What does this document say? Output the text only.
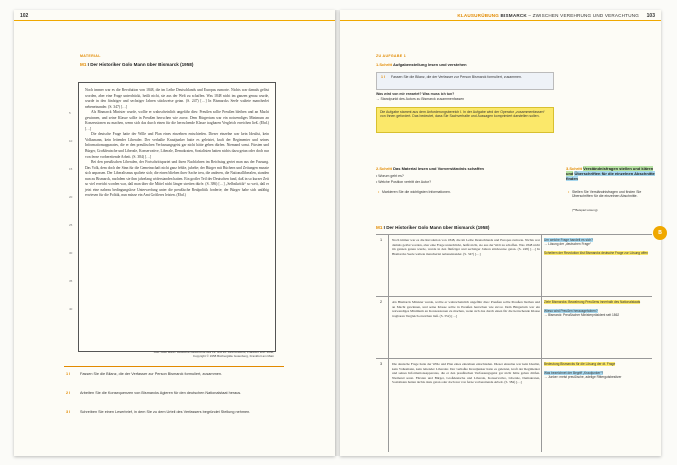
102
MATERIAL
M1 I Der Historiker Golo Mann über Bismarck (1958)

Noch immer war es die Revolution von 1848, die im Leibe Deutschlands und Europas rumorte. Nichts war damals gelöst worden, aber eine Frage unterdrückt, heißt nicht, sie aus der Welt zu schaffen. Was 1848 nicht im ganzen genau wurde, wurde in den fünfziger und sechziger Jahren stückweise getan. (S. 247) […] In Bismarcks Seele waltete mancherlei nebeneinander. (S. 347) […]

Als Bismarck Minister wurde, wollte er wahrscheinlich ungefähr dies: Preußen sollte Preußen bleiben und an Macht gewinnen, und seine Klasse sollte in Preußen herrschen wie zuvor. Dem Bürgertum war ein notwendiges Minimum an Konzessionen zu machen, wenn sich das durch einen für die herrschende Klasse tragbaren Vergleich erreichen ließ. (Ebd.) […]

Die deutsche Frage hatte der Wille und Plan eines einzelnen entschieden. Dieser einzelne war kein Idealist, kein Volksmann, kein leitender Liberaler. Der verhaßte Krautjunker hatte es geleistet, kraft der Regimenter und seines Informationsapparates, die er den preußischen Verfassungsgeist gar nicht hätte geben dürfen. Niemand sonst. Fürsten und Bürger, Großdeutsche und Liberale, Konservative, Liberale, Demokraten, Sozialisten hatten nichts dazu getan oder doch nur von ferne vorbereitende Arbeit. (S. 384) […]

Bei den preußischen Liberalen, der Fortschrittspartei und ihren Nachfahren im Reichstag geriet man aus der Fassung. Das Volk, dem doch der Sinn für die Gemeinschaft nicht ganz fehlte, jubelte; der Bürger mit Büchern und Zeitungen musste sich anpassen. Der Liberalismus spaltete sich; die einen blieben ihrer Sache treu, die anderen, die Nationalliberalen, standen nun zu Bismarck, nachdem sie ihm jahrelang widerstanden hatten. Ein großer Teil der Deutschen fand, daß in so kurzer Zeit so viel erreicht worden war, daß man über die Mittel nicht länger streiten dürfe. (S. 386) […] „Selbstkritik“ so weit, daß er jetzt eine nahezu bedingungslose Unterwerfung unter die preußische Realpolitik forderte; der Bürger habe sich unfähig erwiesen für die Politik, nun müsse ein Amt Größeres leisten. (Ebd.)

5
10
15
20
25
30
35
40
Aus: Golo Mann: Deutsche Geschichte des 19. und 20. Jahrhunderts, Frankfurt a.M. 1958,
Copyright © 1958 Büchergilde Gutenberg, Frankfurt am Main
1 I	Fassen Sie die Bilanz, die der Verfasser zur Person Bismarck formuliert, zusammen.
2 I	Arbeiten Sie die Konsequenzen von Bismarcks Agieren für den deutschen Nationalstaat heraus.
3 I	Schreiben Sie einen Leserbrief, in dem Sie zu dem Urteil des Verfassers begründet Stellung nehmen.
KLAUSURÜBUNG BISMARCK – ZWISCHEN VEREHRUNG UND VERACHTUNG 103
ZU AUFGABE 1
1.Schritt Aufgabenstellung lesen und verstehen
1 I Fassen Sie die Bilanz, die der Verfasser zur Person Bismarck formuliert, zusammen.
Was wird von mir erwartet? Was muss ich tun?
→ Standpunkt des Autors zu Bismarck zusammenfassen
Die Aufgabe stammt aus dem Anforderungsbereich I. In der Aufgabe wird der Operator „zusammenfassen“ von Ihnen gefordert. Das bedeutet, dass Sie Sachverhalte und Aussagen komprimiert darstellen sollen.
2.Schritt Das Material lesen und Vorverständnis schaffen
• Worum geht es?
• Welche Position vertritt der Autor?
• Markieren Sie die wichtigsten Informationen.
3.Schritt Verständnisfragen stellen und klären und Überschriften für die einzelnen Abschnitte finden
• Stellen Sie Verständnisfragen und finden Sie Überschriften für die einzelnen Abschnitte.
(**Beispiel Lösung)
B
M1 I Der Historiker Golo Mann über Bismarck (1958)
1	Noch immer war es die Revolution von 1848, die im Leibe Deutschlands und Europas rumorte. Nichts war damals gelöst worden, aber eine Frage unterdrückt, heißt nicht, sie aus der Welt zu schaffen. Was 1848 nicht im ganzen genau wurde, wurde in den fünfziger und sechziger Jahren stückweise getan. (S. 248) […] In Bismarcks Seele waltete mancherlei nebeneinander. (S. 347) […]
Um welche Frage handelt es sich?
→ Lösung der „deutschen Frage“
Scheitern der Revolution löst Bismarcks deutsche Frage zur Lösung offen
2	Als Bismarck Minister wurde, wollte er wahrscheinlich ungefähr dies: Preußen sollte Preußen bleiben und an Macht gewinnen, und seine Klasse sollte in Preußen herrschen wie zuvor. Dem Bürgertum war ein notwendiges Minimum an Konzessionen zu machen, wenn sich das durch einen für die herrschende Klasse tragbaren Vergleich erreichen ließ. (S. 352) […]
Ziele Bismarcks: Bewahrung Preußens innerhalb des Nationalstaats
Wieso wird Preußen herausgehoben?
→ Bismarck: Preußischer Ministerpräsident seit 1862
3	Die deutsche Frage hatte der Wille und Plan eines einzelnen entschieden. Dieser einzelne war kein Idealist, kein Volksmann, kein leitender Liberaler. Der verhaßte Krautjunker hatte es geleistet, kraft der Regimenter und seines Informationsapparates, die er den preußischen Verfassungsgeist gar nicht hätte geben dürfen. Niemand sonst. Fürsten und Bürger, Großdeutsche und Liberale, Konservative, Liberale, Demokraten, Sozialisten hatten nichts dazu getan oder doch nur von ferne vorbereitende Arbeit. (S. 384) […]
Bedeutung Bismarcks für die Lösung der dt. Frage
Was bezeichnet der Begriff „Krautjunker“?
→ Junker: meist preußische, adelige Rittergutsbesitzer
